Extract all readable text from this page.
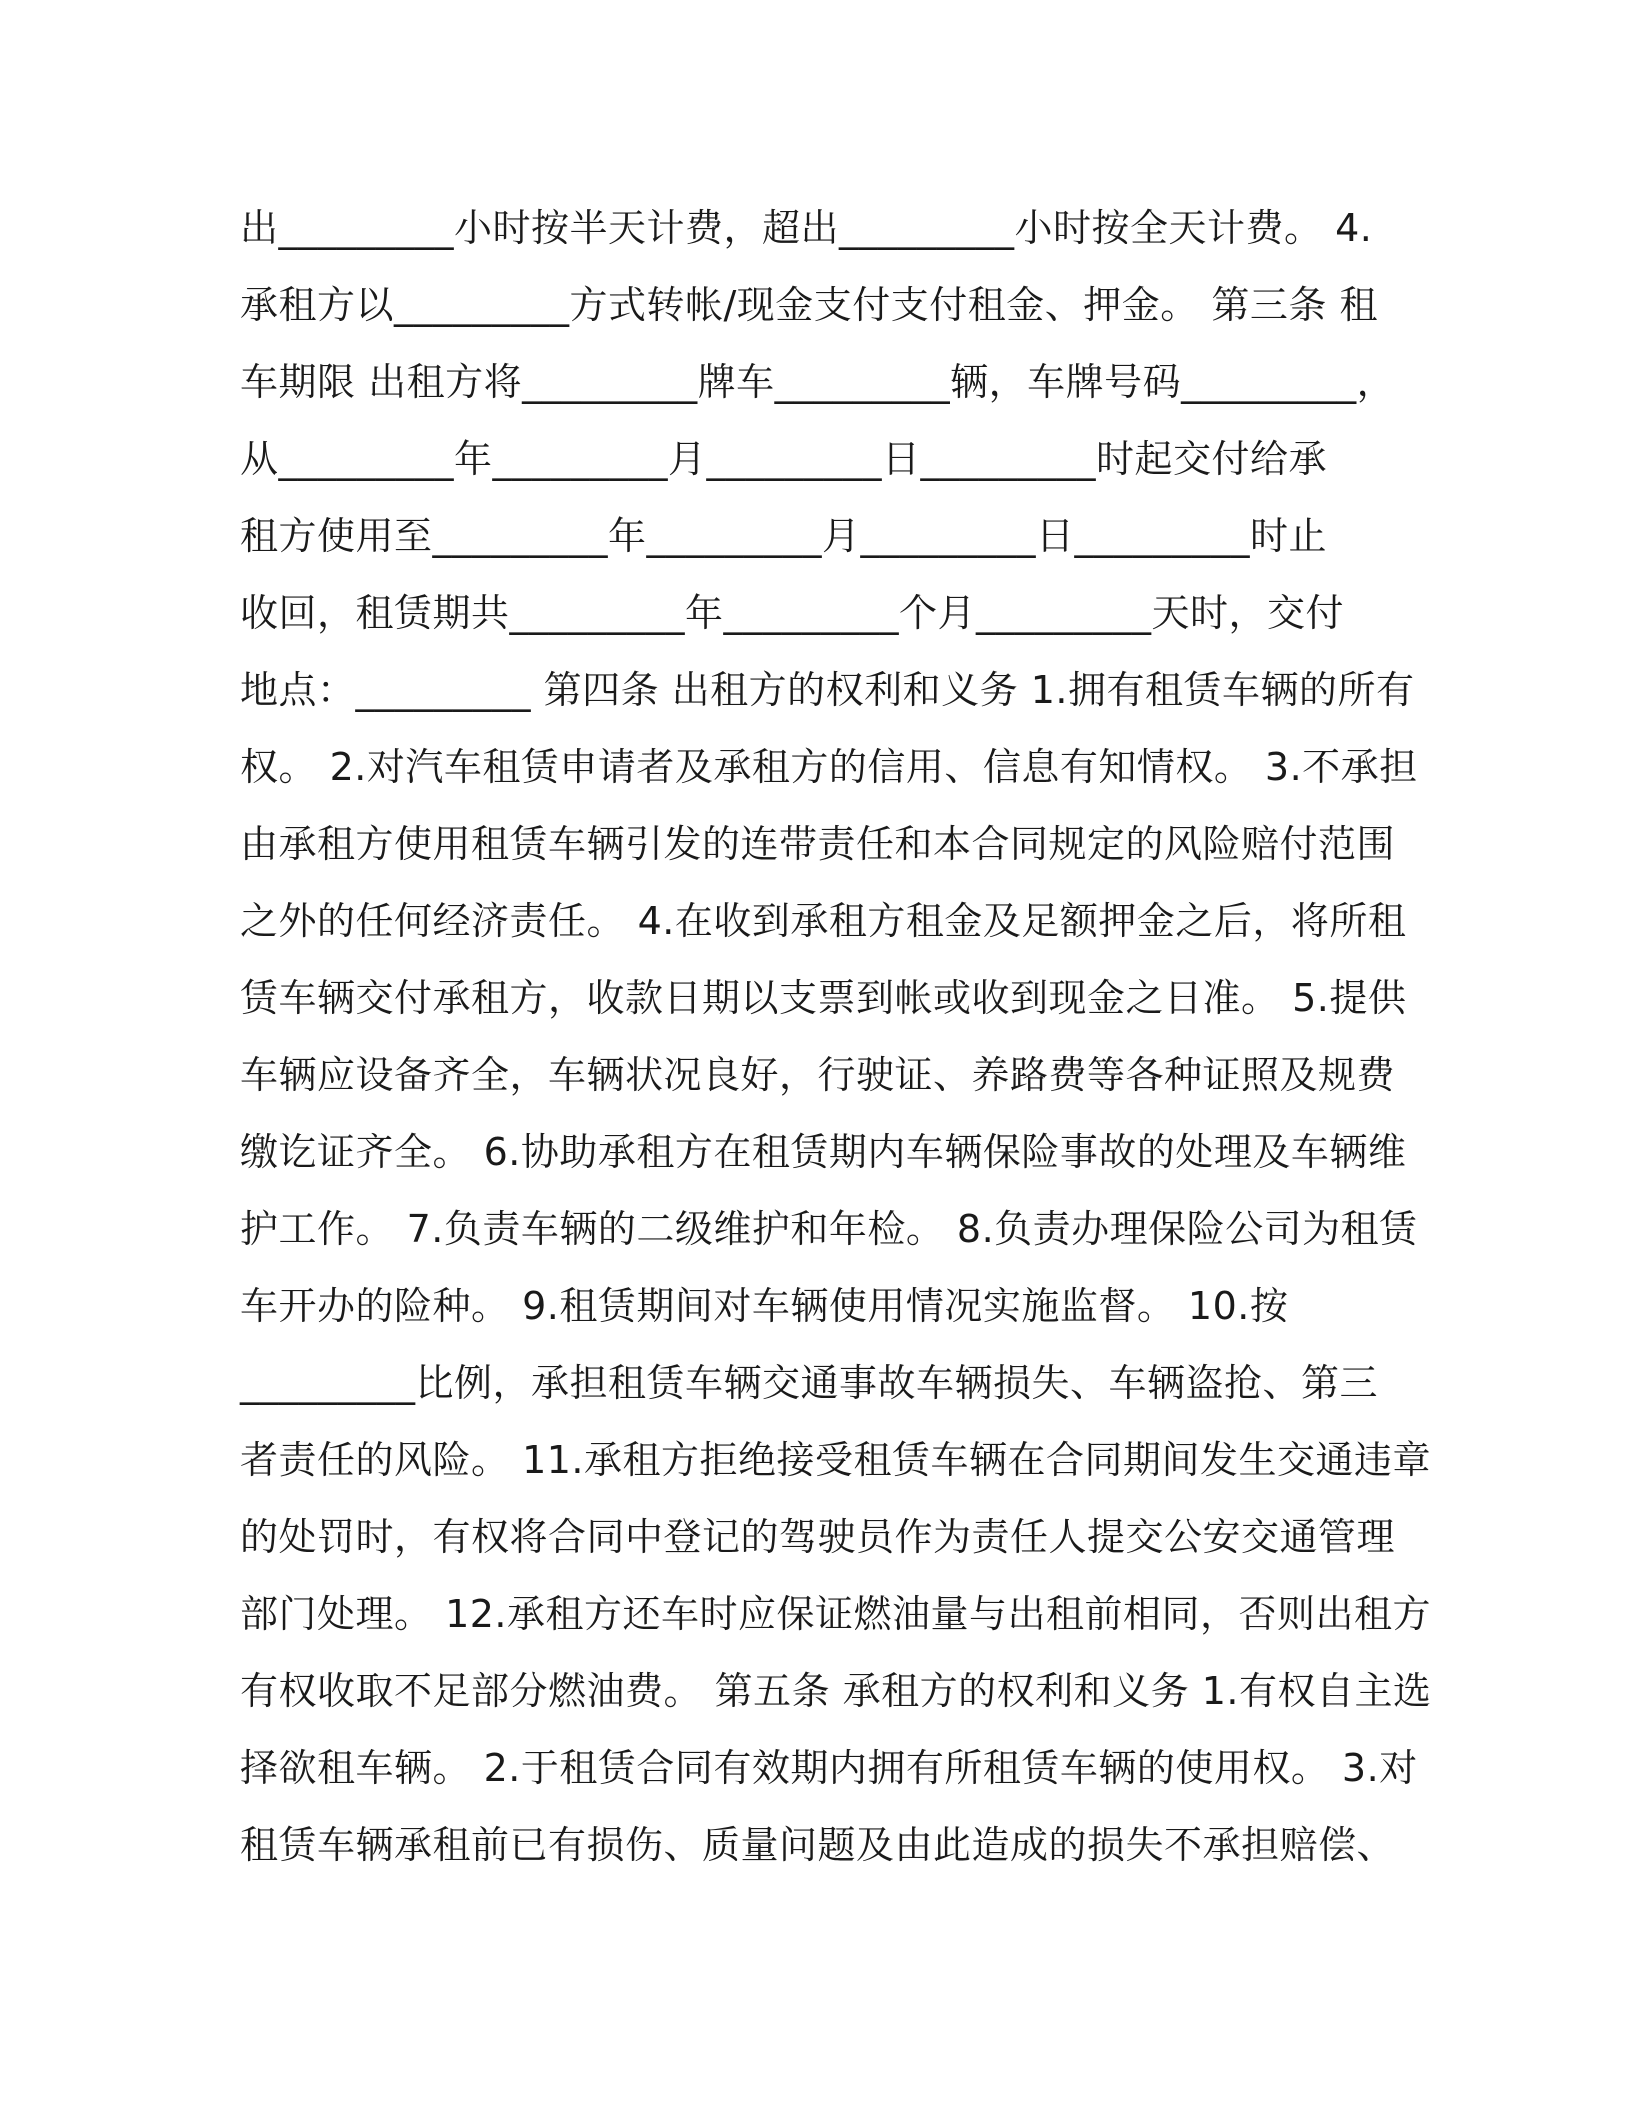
出_________小时按半天计费，超出_________小时按全天计费。 4.
承租方以_________方式转帐/现金支付支付租金、押金。 第三条 租
车期限 出租方将_________牌车_________辆，车牌号码_________，
从_________年_________月_________日_________时起交付给承
租方使用至_________年_________月_________日_________时止
收回，租赁期共_________年_________个月_________天时，交付
地点：_________ 第四条 出租方的权利和义务 1.拥有租赁车辆的所有
权。 2.对汽车租赁申请者及承租方的信用、信息有知情权。 3.不承担
由承租方使用租赁车辆引发的连带责任和本合同规定的风险赔付范围
之外的任何经济责任。 4.在收到承租方租金及足额押金之后，将所租
赁车辆交付承租方，收款日期以支票到帐或收到现金之日准。 5.提供
车辆应设备齐全，车辆状况良好，行驶证、养路费等各种证照及规费
缴讫证齐全。 6.协助承租方在租赁期内车辆保险事故的处理及车辆维
护工作。 7.负责车辆的二级维护和年检。 8.负责办理保险公司为租赁
车开办的险种。 9.租赁期间对车辆使用情况实施监督。 10.按
_________比例，承担租赁车辆交通事故车辆损失、车辆盗抢、第三
者责任的风险。 11.承租方拒绝接受租赁车辆在合同期间发生交通违章
的处罚时，有权将合同中登记的驾驶员作为责任人提交公安交通管理
部门处理。 12.承租方还车时应保证燃油量与出租前相同，否则出租方
有权收取不足部分燃油费。 第五条 承租方的权利和义务 1.有权自主选
择欲租车辆。 2.于租赁合同有效期内拥有所租赁车辆的使用权。 3.对
租赁车辆承租前已有损伤、质量问题及由此造成的损失不承担赔偿、
